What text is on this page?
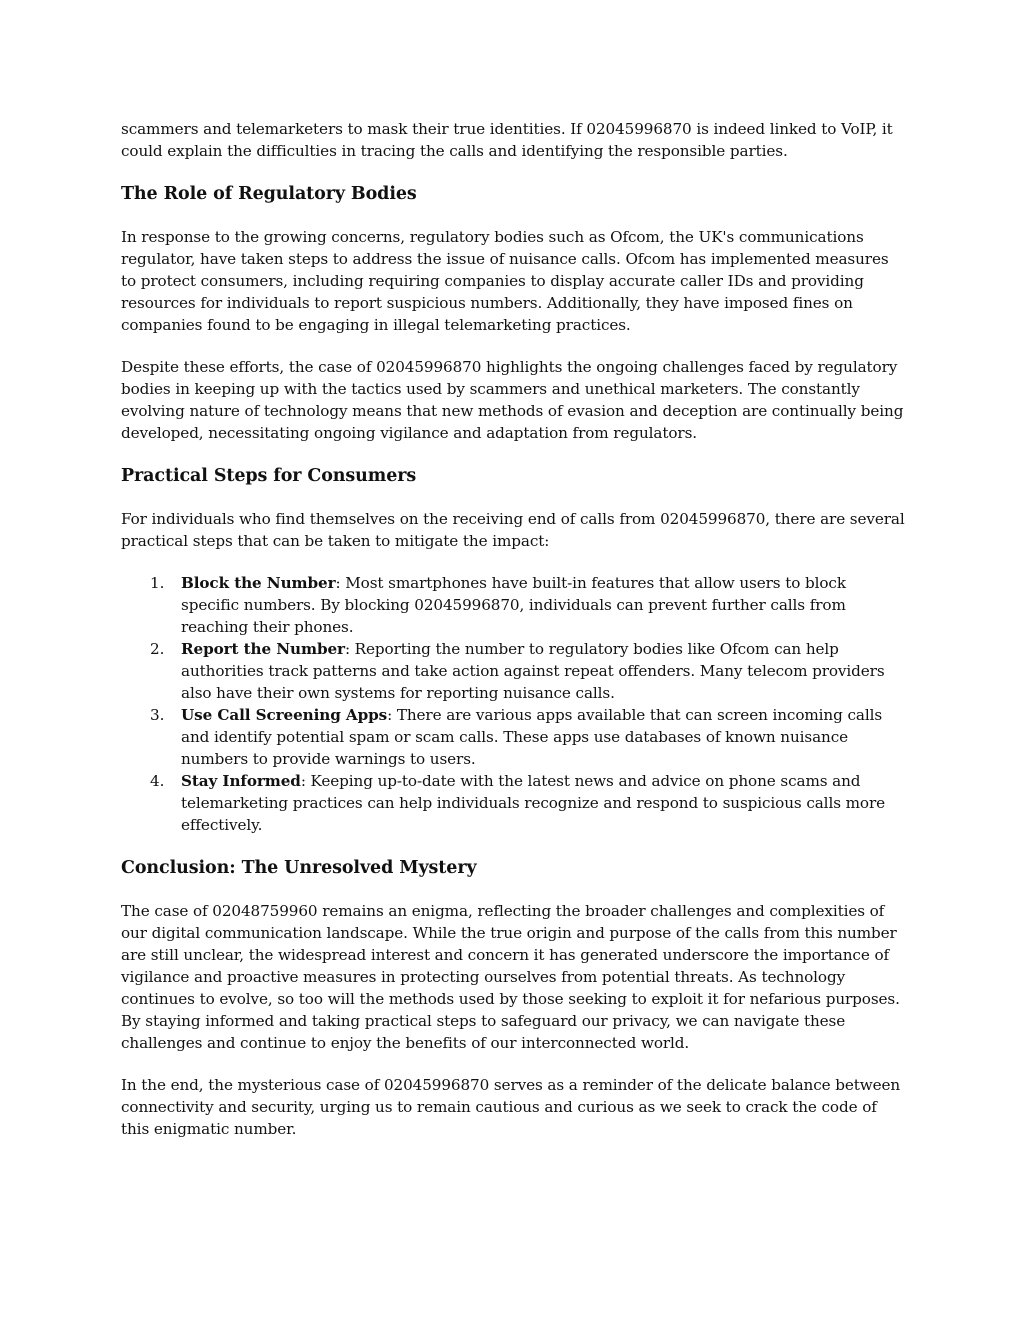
scammers and telemarketers to mask their true identities. If 02045996870 is indeed linked to VoIP, it could explain the difficulties in tracing the calls and identifying the responsible parties.

The Role of Regulatory Bodies

In response to the growing concerns, regulatory bodies such as Ofcom, the UK's communications regulator, have taken steps to address the issue of nuisance calls. Ofcom has implemented measures to protect consumers, including requiring companies to display accurate caller IDs and providing resources for individuals to report suspicious numbers. Additionally, they have imposed fines on companies found to be engaging in illegal telemarketing practices.

Despite these efforts, the case of 02045996870 highlights the ongoing challenges faced by regulatory bodies in keeping up with the tactics used by scammers and unethical marketers. The constantly evolving nature of technology means that new methods of evasion and deception are continually being developed, necessitating ongoing vigilance and adaptation from regulators.

Practical Steps for Consumers

For individuals who find themselves on the receiving end of calls from 02045996870, there are several practical steps that can be taken to mitigate the impact:

1. Block the Number: Most smartphones have built-in features that allow users to block specific numbers. By blocking 02045996870, individuals can prevent further calls from reaching their phones.
2. Report the Number: Reporting the number to regulatory bodies like Ofcom can help authorities track patterns and take action against repeat offenders. Many telecom providers also have their own systems for reporting nuisance calls.
3. Use Call Screening Apps: There are various apps available that can screen incoming calls and identify potential spam or scam calls. These apps use databases of known nuisance numbers to provide warnings to users.
4. Stay Informed: Keeping up-to-date with the latest news and advice on phone scams and telemarketing practices can help individuals recognize and respond to suspicious calls more effectively.
Conclusion: The Unresolved Mystery

The case of 02048759960 remains an enigma, reflecting the broader challenges and complexities of our digital communication landscape. While the true origin and purpose of the calls from this number are still unclear, the widespread interest and concern it has generated underscore the importance of vigilance and proactive measures in protecting ourselves from potential threats. As technology continues to evolve, so too will the methods used by those seeking to exploit it for nefarious purposes. By staying informed and taking practical steps to safeguard our privacy, we can navigate these challenges and continue to enjoy the benefits of our interconnected world.

In the end, the mysterious case of 02045996870 serves as a reminder of the delicate balance between connectivity and security, urging us to remain cautious and curious as we seek to crack the code of this enigmatic number.
